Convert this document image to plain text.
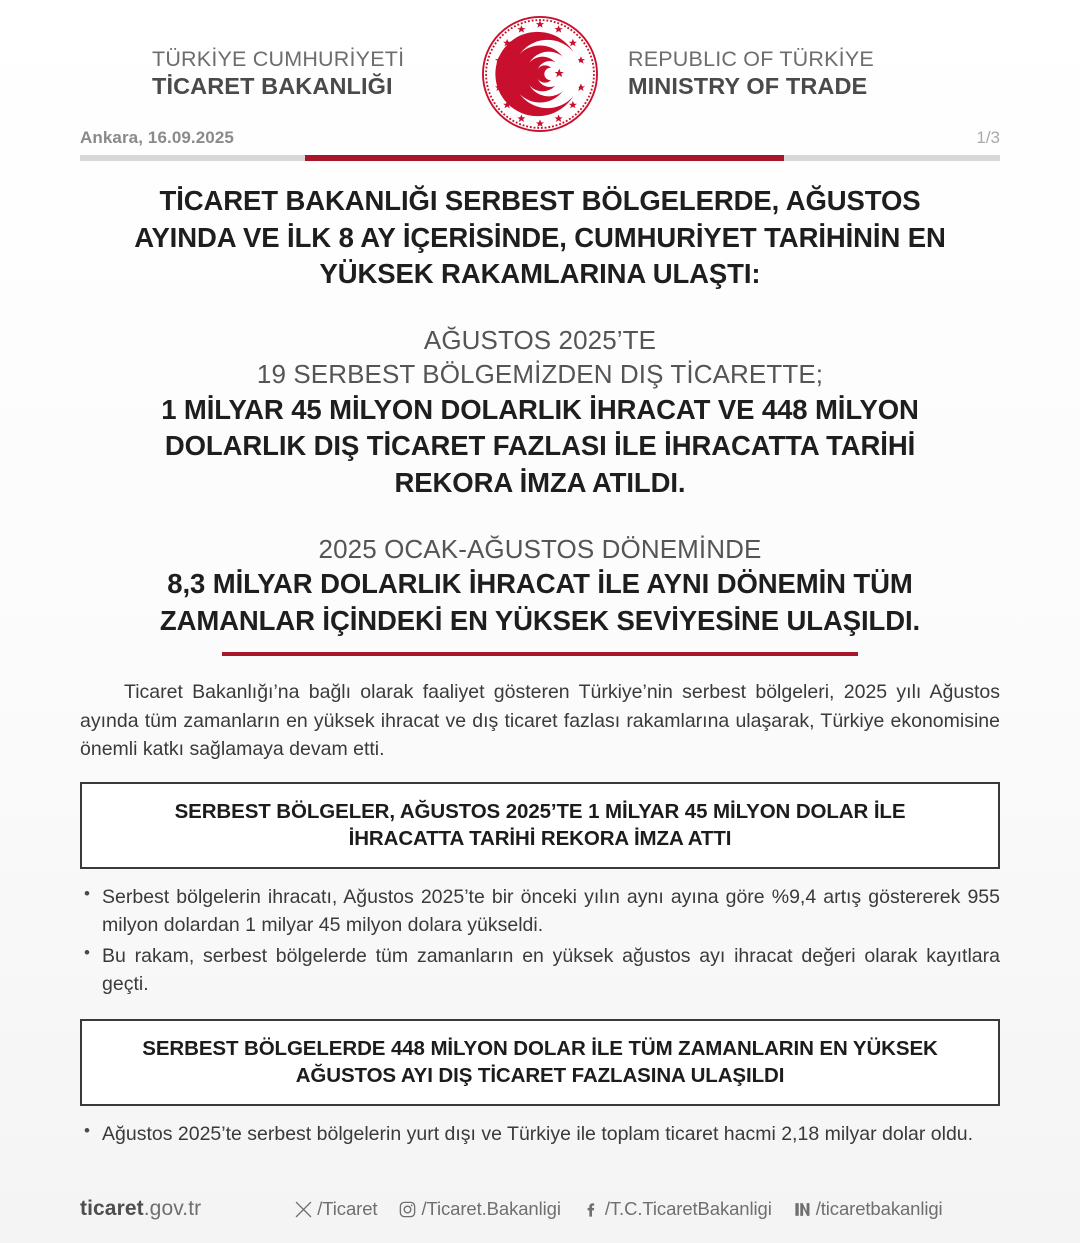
TÜRKİYE CUMHURİYETİ
TİCARET BAKANLIĞI
REPUBLIC OF TÜRKİYE
MINISTRY OF TRADE
Ankara, 16.09.2025	1/3
TİCARET BAKANLIĞI SERBEST BÖLGELERDE, AĞUSTOS
AYINDA VE İLK 8 AY İÇERİSİNDE, CUMHURİYET TARİHİNİN EN
YÜKSEK RAKAMLARINA ULAŞTI:
AĞUSTOS 2025’TE
19 SERBEST BÖLGEMİZDEN DIŞ TİCARETTE;
1 MİLYAR 45 MİLYON DOLARLIK İHRACAT VE 448 MİLYON
DOLARLIK DIŞ TİCARET FAZLASI İLE İHRACATTA TARİHİ
REKORA İMZA ATILDI.
2025 OCAK-AĞUSTOS DÖNEMİNDE
8,3 MİLYAR DOLARLIK İHRACAT İLE AYNI DÖNEMİN TÜM
ZAMANLAR İÇİNDEKİ EN YÜKSEK SEVİYESİNE ULAŞILDI.
Ticaret Bakanlığı’na bağlı olarak faaliyet gösteren Türkiye’nin serbest bölgeleri, 2025 yılı Ağustos ayında tüm zamanların en yüksek ihracat ve dış ticaret fazlası rakamlarına ulaşarak, Türkiye ekonomisine önemli katkı sağlamaya devam etti.
SERBEST BÖLGELER, AĞUSTOS 2025’TE 1 MİLYAR 45 MİLYON DOLAR İLE
İHRACATTA TARİHİ REKORA İMZA ATTI
• Serbest bölgelerin ihracatı, Ağustos 2025’te bir önceki yılın aynı ayına göre %9,4 artış göstererek 955 milyon dolardan 1 milyar 45 milyon dolara yükseldi.
• Bu rakam, serbest bölgelerde tüm zamanların en yüksek ağustos ayı ihracat değeri olarak kayıtlara geçti.
SERBEST BÖLGELERDE 448 MİLYON DOLAR İLE TÜM ZAMANLARIN EN YÜKSEK
AĞUSTOS AYI DIŞ TİCARET FAZLASINA ULAŞILDI
• Ağustos 2025’te serbest bölgelerin yurt dışı ve Türkiye ile toplam ticaret hacmi 2,18 milyar dolar oldu.
ticaret.gov.tr	/Ticaret /Ticaret.Bakanligi /T.C.TicaretBakanligi /ticaretbakanligi
